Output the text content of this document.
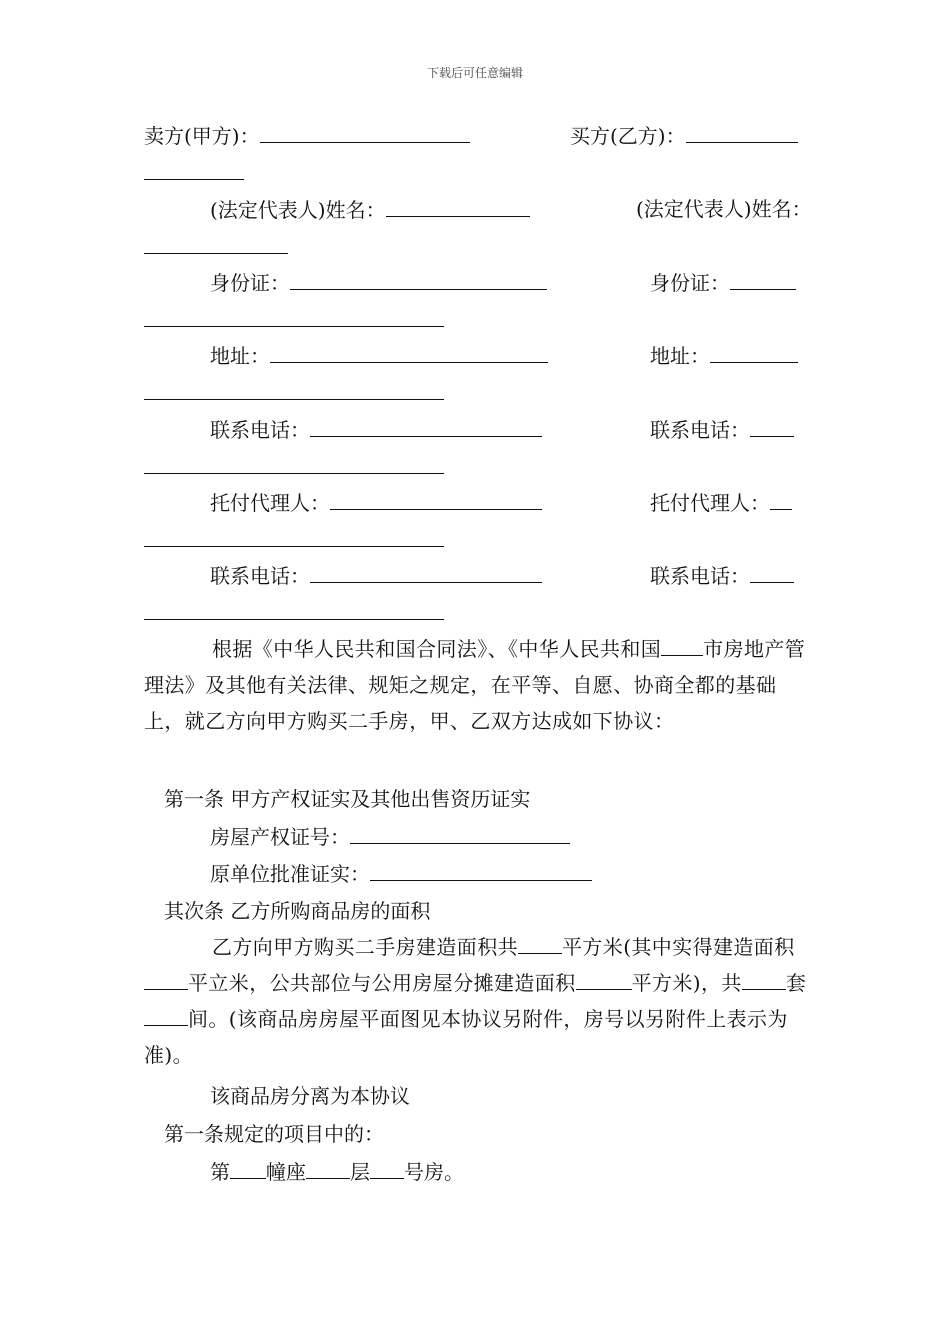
下载后可任意编辑
卖方(甲方)：	买方(乙方)：
(法定代表人)姓名：	(法定代表人)姓名：
身份证：	身份证：
地址：	地址：
联系电话：	联系电话：
托付代理人：	托付代理人：
联系电话：	联系电话：
根据《中华人民共和国合同法》、《中华人民共和国 市房地产管理法》及其他有关法律、规矩之规定，在平等、自愿、协商全都的基础上，就乙方向甲方购买二手房，甲、乙双方达成如下协议：
第一条 甲方产权证实及其他出售资历证实
房屋产权证号：
原单位批准证实：
其次条 乙方所购商品房的面积
乙方向甲方购买二手房建造面积共 平方米(其中实得建造面积平立米，公共部位与公用房屋分摊建造面积	平方米)，共 套间。(该商品房房屋平面图见本协议另附件，房号以另附件上表示为准)。
该商品房分离为本协议
第一条规定的项目中的：
第 幢座 层 号房。
